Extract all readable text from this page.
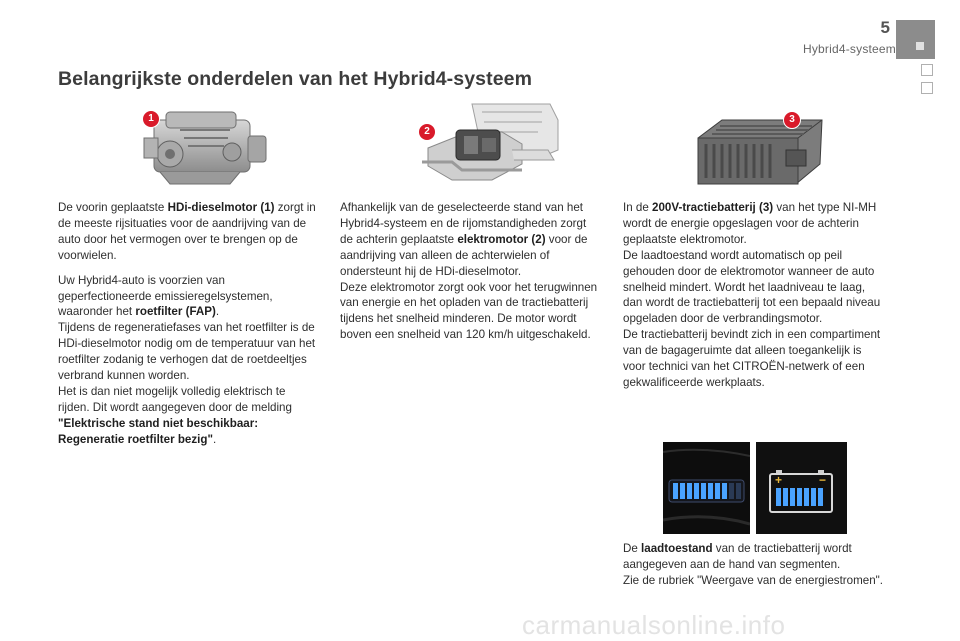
5
Hybrid4-systeem
Belangrijkste onderdelen van het Hybrid4-systeem
1
2
3

De voorin geplaatste HDi-dieselmotor (1) zorgt in de meeste rijsituaties voor de aandrijving van de auto door het vermogen over te brengen op de voorwielen.

Uw Hybrid4-auto is voorzien van geperfectioneerde emissieregelsystemen, waaronder het roetfilter (FAP).
Tijdens de regeneratiefases van het roetfilter is de HDi-dieselmotor nodig om de temperatuur van het roetfilter zodanig te verhogen dat de roetdeeltjes verbrand kunnen worden.
Het is dan niet mogelijk volledig elektrisch te rijden. Dit wordt aangegeven door de melding "Elektrische stand niet beschikbaar: Regeneratie roetfilter bezig".

Afhankelijk van de geselecteerde stand van het Hybrid4-systeem en de rijomstandigheden zorgt de achterin geplaatste elektromotor (2) voor de aandrijving van alleen de achterwielen of ondersteunt hij de HDi-dieselmotor.
Deze elektromotor zorgt ook voor het terugwinnen van energie en het opladen van de tractiebatterij tijdens het snelheid minderen. De motor wordt boven een snelheid van 120 km/h uitgeschakeld.

In de 200V-tractiebatterij (3) van het type NI-MH wordt de energie opgeslagen voor de achterin geplaatste elektromotor.
De laadtoestand wordt automatisch op peil gehouden door de elektromotor wanneer de auto snelheid mindert. Wordt het laadniveau te laag, dan wordt de tractiebatterij tot een bepaald niveau opgeladen door de verbrandingsmotor.
De tractiebatterij bevindt zich in een compartiment van de bagageruimte dat alleen toegankelijk is voor technici van het CITROËN-netwerk of een gekwalificeerde werkplaats.

+	−

De laadtoestand van de tractiebatterij wordt aangegeven aan de hand van segmenten.
Zie de rubriek "Weergave van de energiestromen".

carmanualsonline.info
